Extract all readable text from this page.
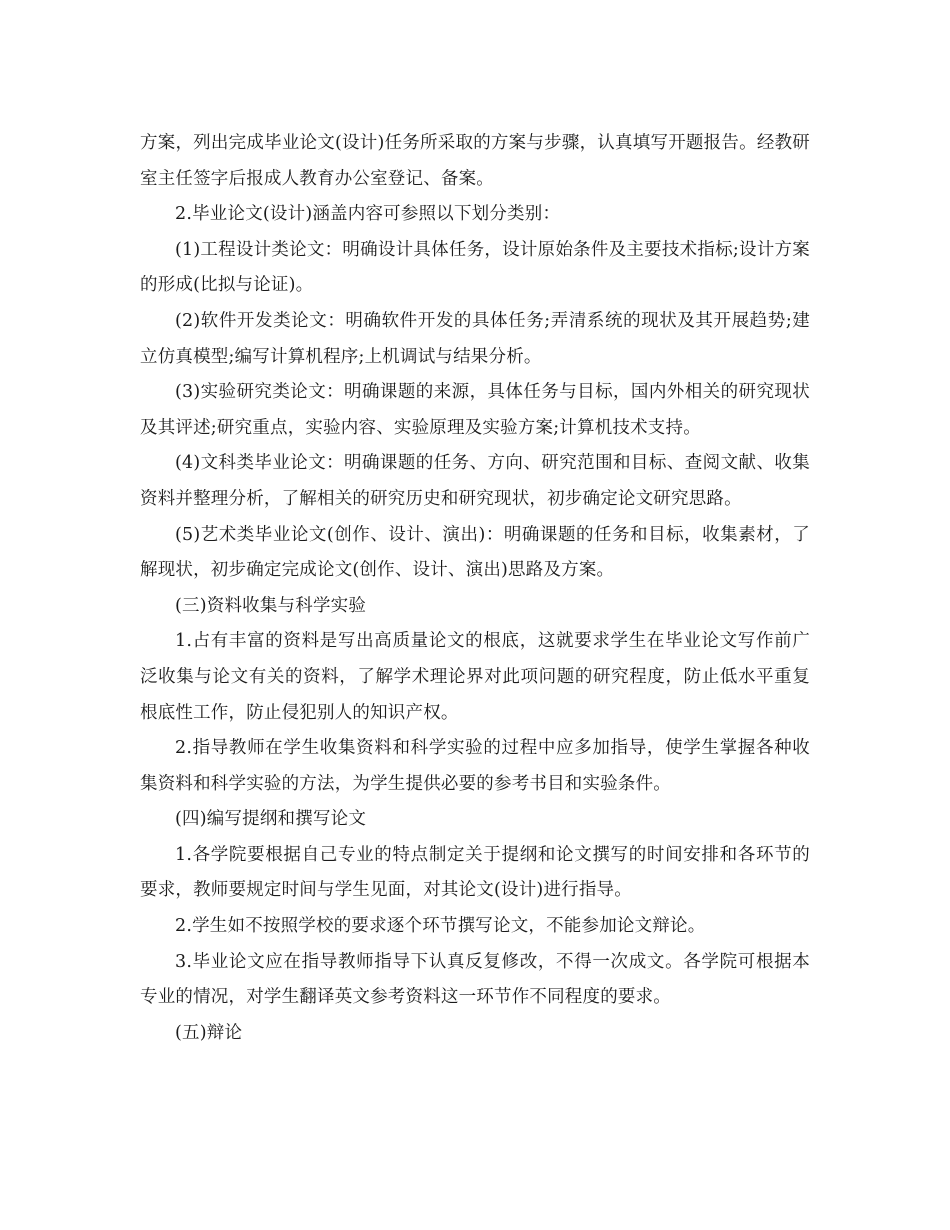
方案，列出完成毕业论文(设计)任务所采取的方案与步骤，认真填写开题报告。经教研室主任签字后报成人教育办公室登记、备案。

2.毕业论文(设计)涵盖内容可参照以下划分类别：

(1)工程设计类论文：明确设计具体任务，设计原始条件及主要技术指标;设计方案的形成(比拟与论证)。

(2)软件开发类论文：明确软件开发的具体任务;弄清系统的现状及其开展趋势;建立仿真模型;编写计算机程序;上机调试与结果分析。

(3)实验研究类论文：明确课题的来源，具体任务与目标，国内外相关的研究现状及其评述;研究重点，实验内容、实验原理及实验方案;计算机技术支持。

(4)文科类毕业论文：明确课题的任务、方向、研究范围和目标、查阅文献、收集资料并整理分析，了解相关的研究历史和研究现状，初步确定论文研究思路。

(5)艺术类毕业论文(创作、设计、演出)：明确课题的任务和目标，收集素材，了解现状，初步确定完成论文(创作、设计、演出)思路及方案。

(三)资料收集与科学实验

1.占有丰富的资料是写出高质量论文的根底，这就要求学生在毕业论文写作前广泛收集与论文有关的资料，了解学术理论界对此项问题的研究程度，防止低水平重复根底性工作，防止侵犯别人的知识产权。

2.指导教师在学生收集资料和科学实验的过程中应多加指导，使学生掌握各种收集资料和科学实验的方法，为学生提供必要的参考书目和实验条件。

(四)编写提纲和撰写论文

1.各学院要根据自己专业的特点制定关于提纲和论文撰写的时间安排和各环节的要求，教师要规定时间与学生见面，对其论文(设计)进行指导。

2.学生如不按照学校的要求逐个环节撰写论文，不能参加论文辩论。

3.毕业论文应在指导教师指导下认真反复修改，不得一次成文。各学院可根据本专业的情况，对学生翻译英文参考资料这一环节作不同程度的要求。

(五)辩论
